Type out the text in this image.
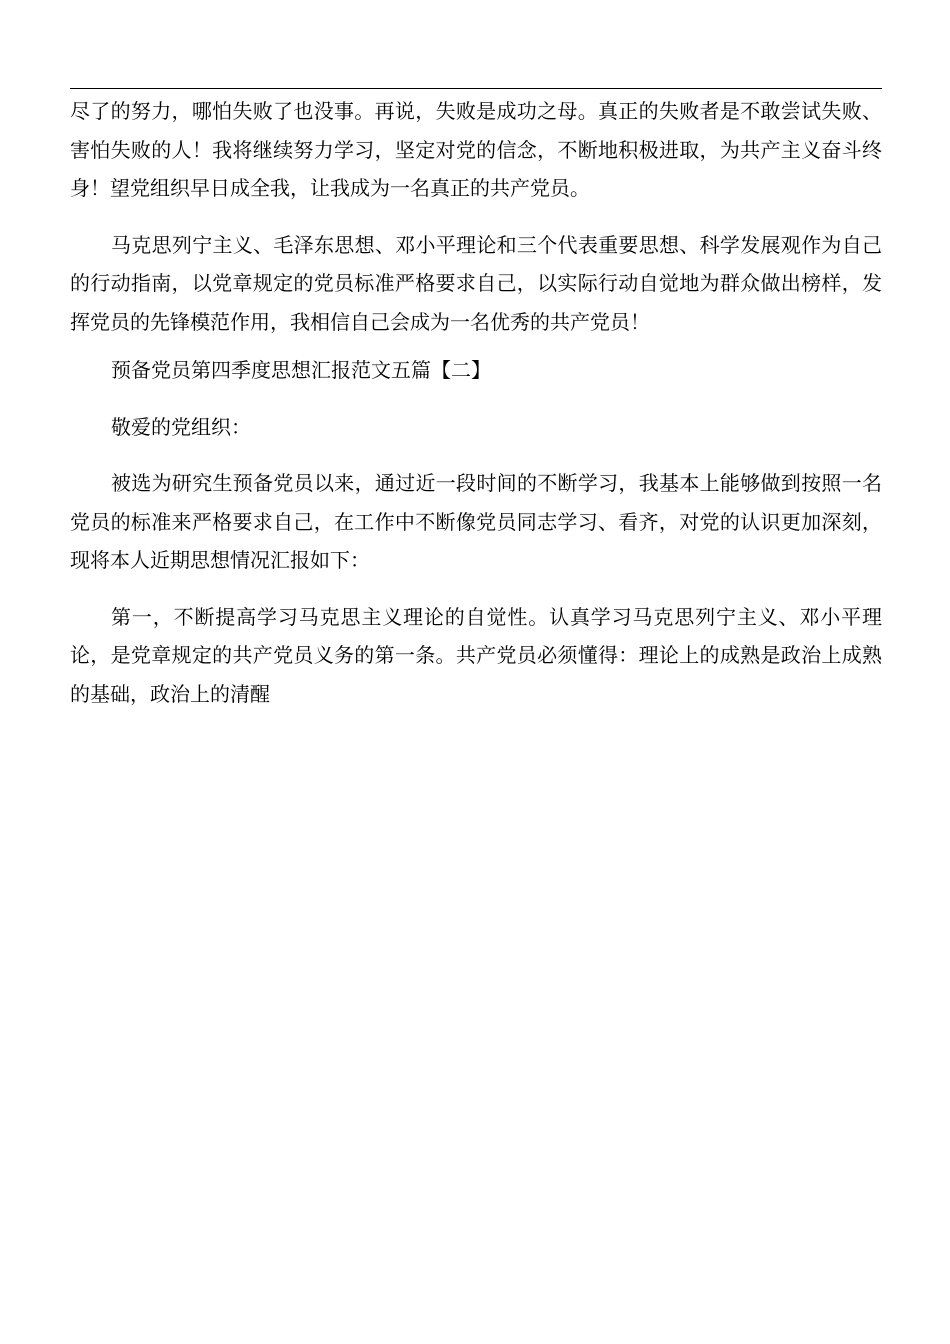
尽了的努力，哪怕失败了也没事。再说，失败是成功之母。真正的失败者是不敢尝试失败、害怕失败的人！我将继续努力学习，坚定对党的信念，不断地积极进取，为共产主义奋斗终身！望党组织早日成全我，让我成为一名真正的共产党员。

马克思列宁主义、毛泽东思想、邓小平理论和三个代表重要思想、科学发展观作为自己的行动指南，以党章规定的党员标准严格要求自己，以实际行动自觉地为群众做出榜样，发挥党员的先锋模范作用，我相信自己会成为一名优秀的共产党员！

预备党员第四季度思想汇报范文五篇【二】

敬爱的党组织：

被选为研究生预备党员以来，通过近一段时间的不断学习，我基本上能够做到按照一名党员的标准来严格要求自己，在工作中不断像党员同志学习、看齐，对党的认识更加深刻，现将本人近期思想情况汇报如下：

第一，不断提高学习马克思主义理论的自觉性。认真学习马克思列宁主义、邓小平理论，是党章规定的共产党员义务的第一条。共产党员必须懂得：理论上的成熟是政治上成熟的基础，政治上的清醒
